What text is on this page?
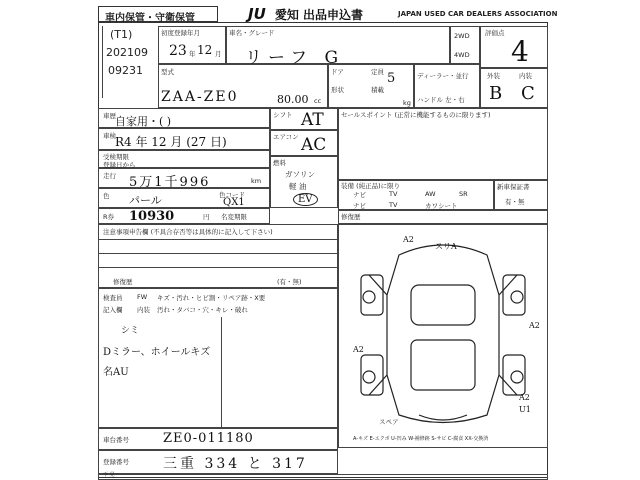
車内保管・守衛保管	JU 愛知 出品申込書	JAPAN USED CAR DEALERS ASSOCIATION
(T1)
202109
09231
初度登録年月
23 年 12 月
車名・グレード
リーフ G
2WD
4WD
評価点
4
型式
ZAA-ZE0	80.00 cc
ドア	定員 5
形状	積載
kg
ディーラー・並行
ハンドル 左・右
外装	内装
B C
車歴 自家用・( )
車検 R4 年 12 月 (27 日)
受検期限
登録日から
走行 5万1千996	km
色 パール	色コード
QX1
R券 10930	円 名変期限
シフト AT
エアコン AC
燃料
ガソリン
軽 油
EV
セールスポイント (正常に機能するものに限ります)
装備 (純正品)に限り
ナビ	TV	AW	SR
ナビ	TV	カワシート
新車保証書
有・無
修復歴
注意事項申告欄 (不具合存否等は具体的に記入して下さい)
修復歴	(有・無)
検査員 FW キズ・汚れ・ヒビ割・リペア跡・X要
記入欄 内装 汚れ・タバコ・穴・キレ・破れ
シミ
Dミラー、ホイールキズ
名AU
A2
スリA
A2
A2
A2
U1
スペア
A-キズ E-エクボ U-凹み W-補修跡 S-サビ C-腐食 XX-交換済
車台番号	ZE0-011180
登録番号 三重 334 と 317
下 見
